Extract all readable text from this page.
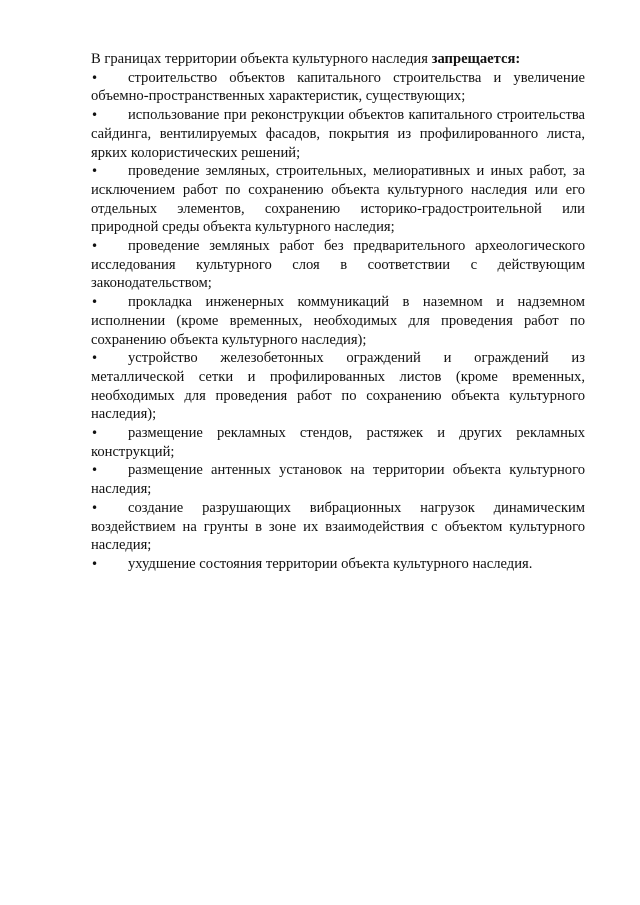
В границах территории объекта культурного наследия запрещается:

• строительство объектов капитального строительства и увеличение объемно-пространственных характеристик, существующих;
• использование при реконструкции объектов капитального строительства сайдинга, вентилируемых фасадов, покрытия из профилированного листа, ярких колористических решений;
• проведение земляных, строительных, мелиоративных и иных работ, за исключением работ по сохранению объекта культурного наследия или его отдельных элементов, сохранению историко-градостроительной или природной среды объекта культурного наследия;
• проведение земляных работ без предварительного археологического исследования культурного слоя в соответствии с действующим законодательством;
• прокладка инженерных коммуникаций в наземном и надземном исполнении (кроме временных, необходимых для проведения работ по сохранению объекта культурного наследия);
• устройство железобетонных ограждений и ограждений из металлической сетки и профилированных листов (кроме временных, необходимых для проведения работ по сохранению объекта культурного наследия);
• размещение рекламных стендов, растяжек и других рекламных конструкций;
• размещение антенных установок на территории объекта культурного наследия;
• создание разрушающих вибрационных нагрузок динамическим воздействием на грунты в зоне их взаимодействия с объектом культурного наследия;
• ухудшение состояния территории объекта культурного наследия.
